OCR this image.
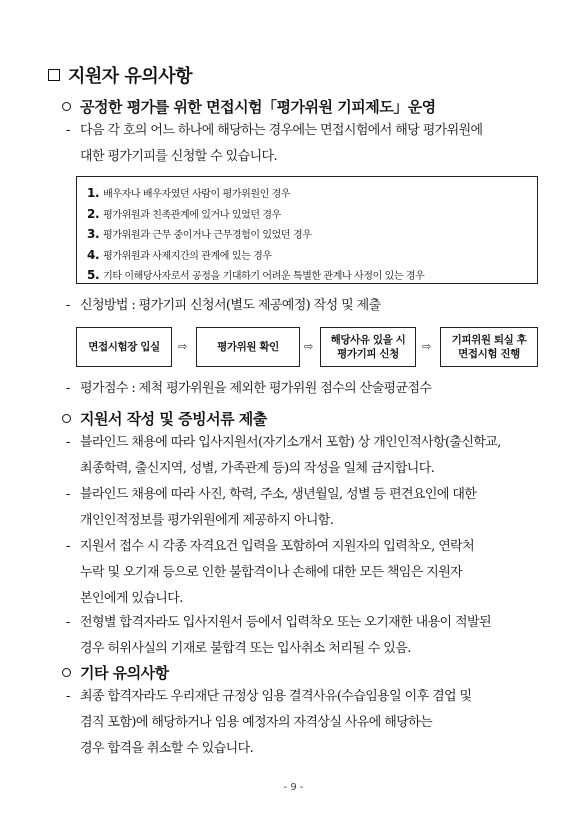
지원자 유의사항
공정한 평가를 위한 면접시험「평가위원 기피제도」운영
- 다음 각 호의 어느 하나에 해당하는 경우에는 면접시험에서 해당 평가위원에
대한 평가기피를 신청할 수 있습니다.
1. 배우자나 배우자였던 사람이 평가위원인 경우
2. 평가위원과 친족관계에 있거나 있었던 경우
3. 평가위원과 근무 중이거나 근무경험이 있었던 경우
4. 평가위원과 사제지간의 관계에 있는 경우
5. 기타 이해당사자로서 공정을 기대하기 어려운 특별한 관계나 사정이 있는 경우
- 신청방법 : 평가기피 신청서(별도 제공예정) 작성 및 제출
면접시험장 입실 ⇨	평가위원 확인 ⇨ 해당사유 있을 시
평가기피 신청
⇨ 기피위원 퇴실 후
면접시험 진행
- 평가점수 : 제척 평가위원을 제외한 평가위원 점수의 산술평균점수
지원서 작성 및 증빙서류 제출
- 블라인드 채용에 따라 입사지원서(자기소개서 포함) 상 개인인적사항(출신학교,
최종학력, 출신지역, 성별, 가족관계 등)의 작성을 일체 금지합니다.
- 블라인드 채용에 따라 사진, 학력, 주소, 생년월일, 성별 등 편견요인에 대한
개인인적정보를 평가위원에게 제공하지 아니함.
- 지원서 접수 시 각종 자격요건 입력을 포함하여 지원자의 입력착오, 연락처
누락 및 오기재 등으로 인한 불합격이나 손해에 대한 모든 책임은 지원자
본인에게 있습니다.
- 전형별 합격자라도 입사지원서 등에서 입력착오 또는 오기재한 내용이 적발된
경우 허위사실의 기재로 불합격 또는 입사취소 처리될 수 있음.
기타 유의사항
- 최종 합격자라도 우리재단 규정상 임용 결격사유(수습임용일 이후 겸업 및
겸직 포함)에 해당하거나 임용 예정자의 자격상실 사유에 해당하는
경우 합격을 취소할 수 있습니다.
- 9 -
